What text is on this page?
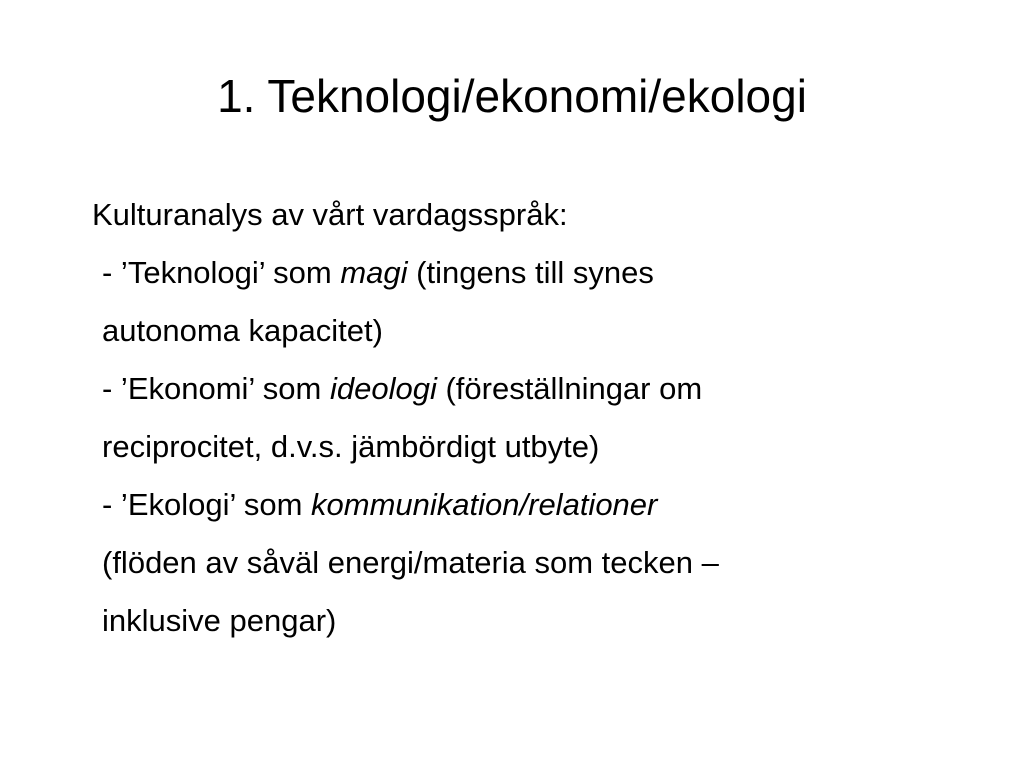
1. Teknologi/ekonomi/ekologi
Kulturanalys av vårt vardagsspråk:
- ’Teknologi’ som magi (tingens till synes
autonoma kapacitet)
- ’Ekonomi’ som ideologi (föreställningar om
reciprocitet, d.v.s. jämbördigt utbyte)
- ’Ekologi’ som kommunikation/relationer
(flöden av såväl energi/materia som tecken –
inklusive pengar)
